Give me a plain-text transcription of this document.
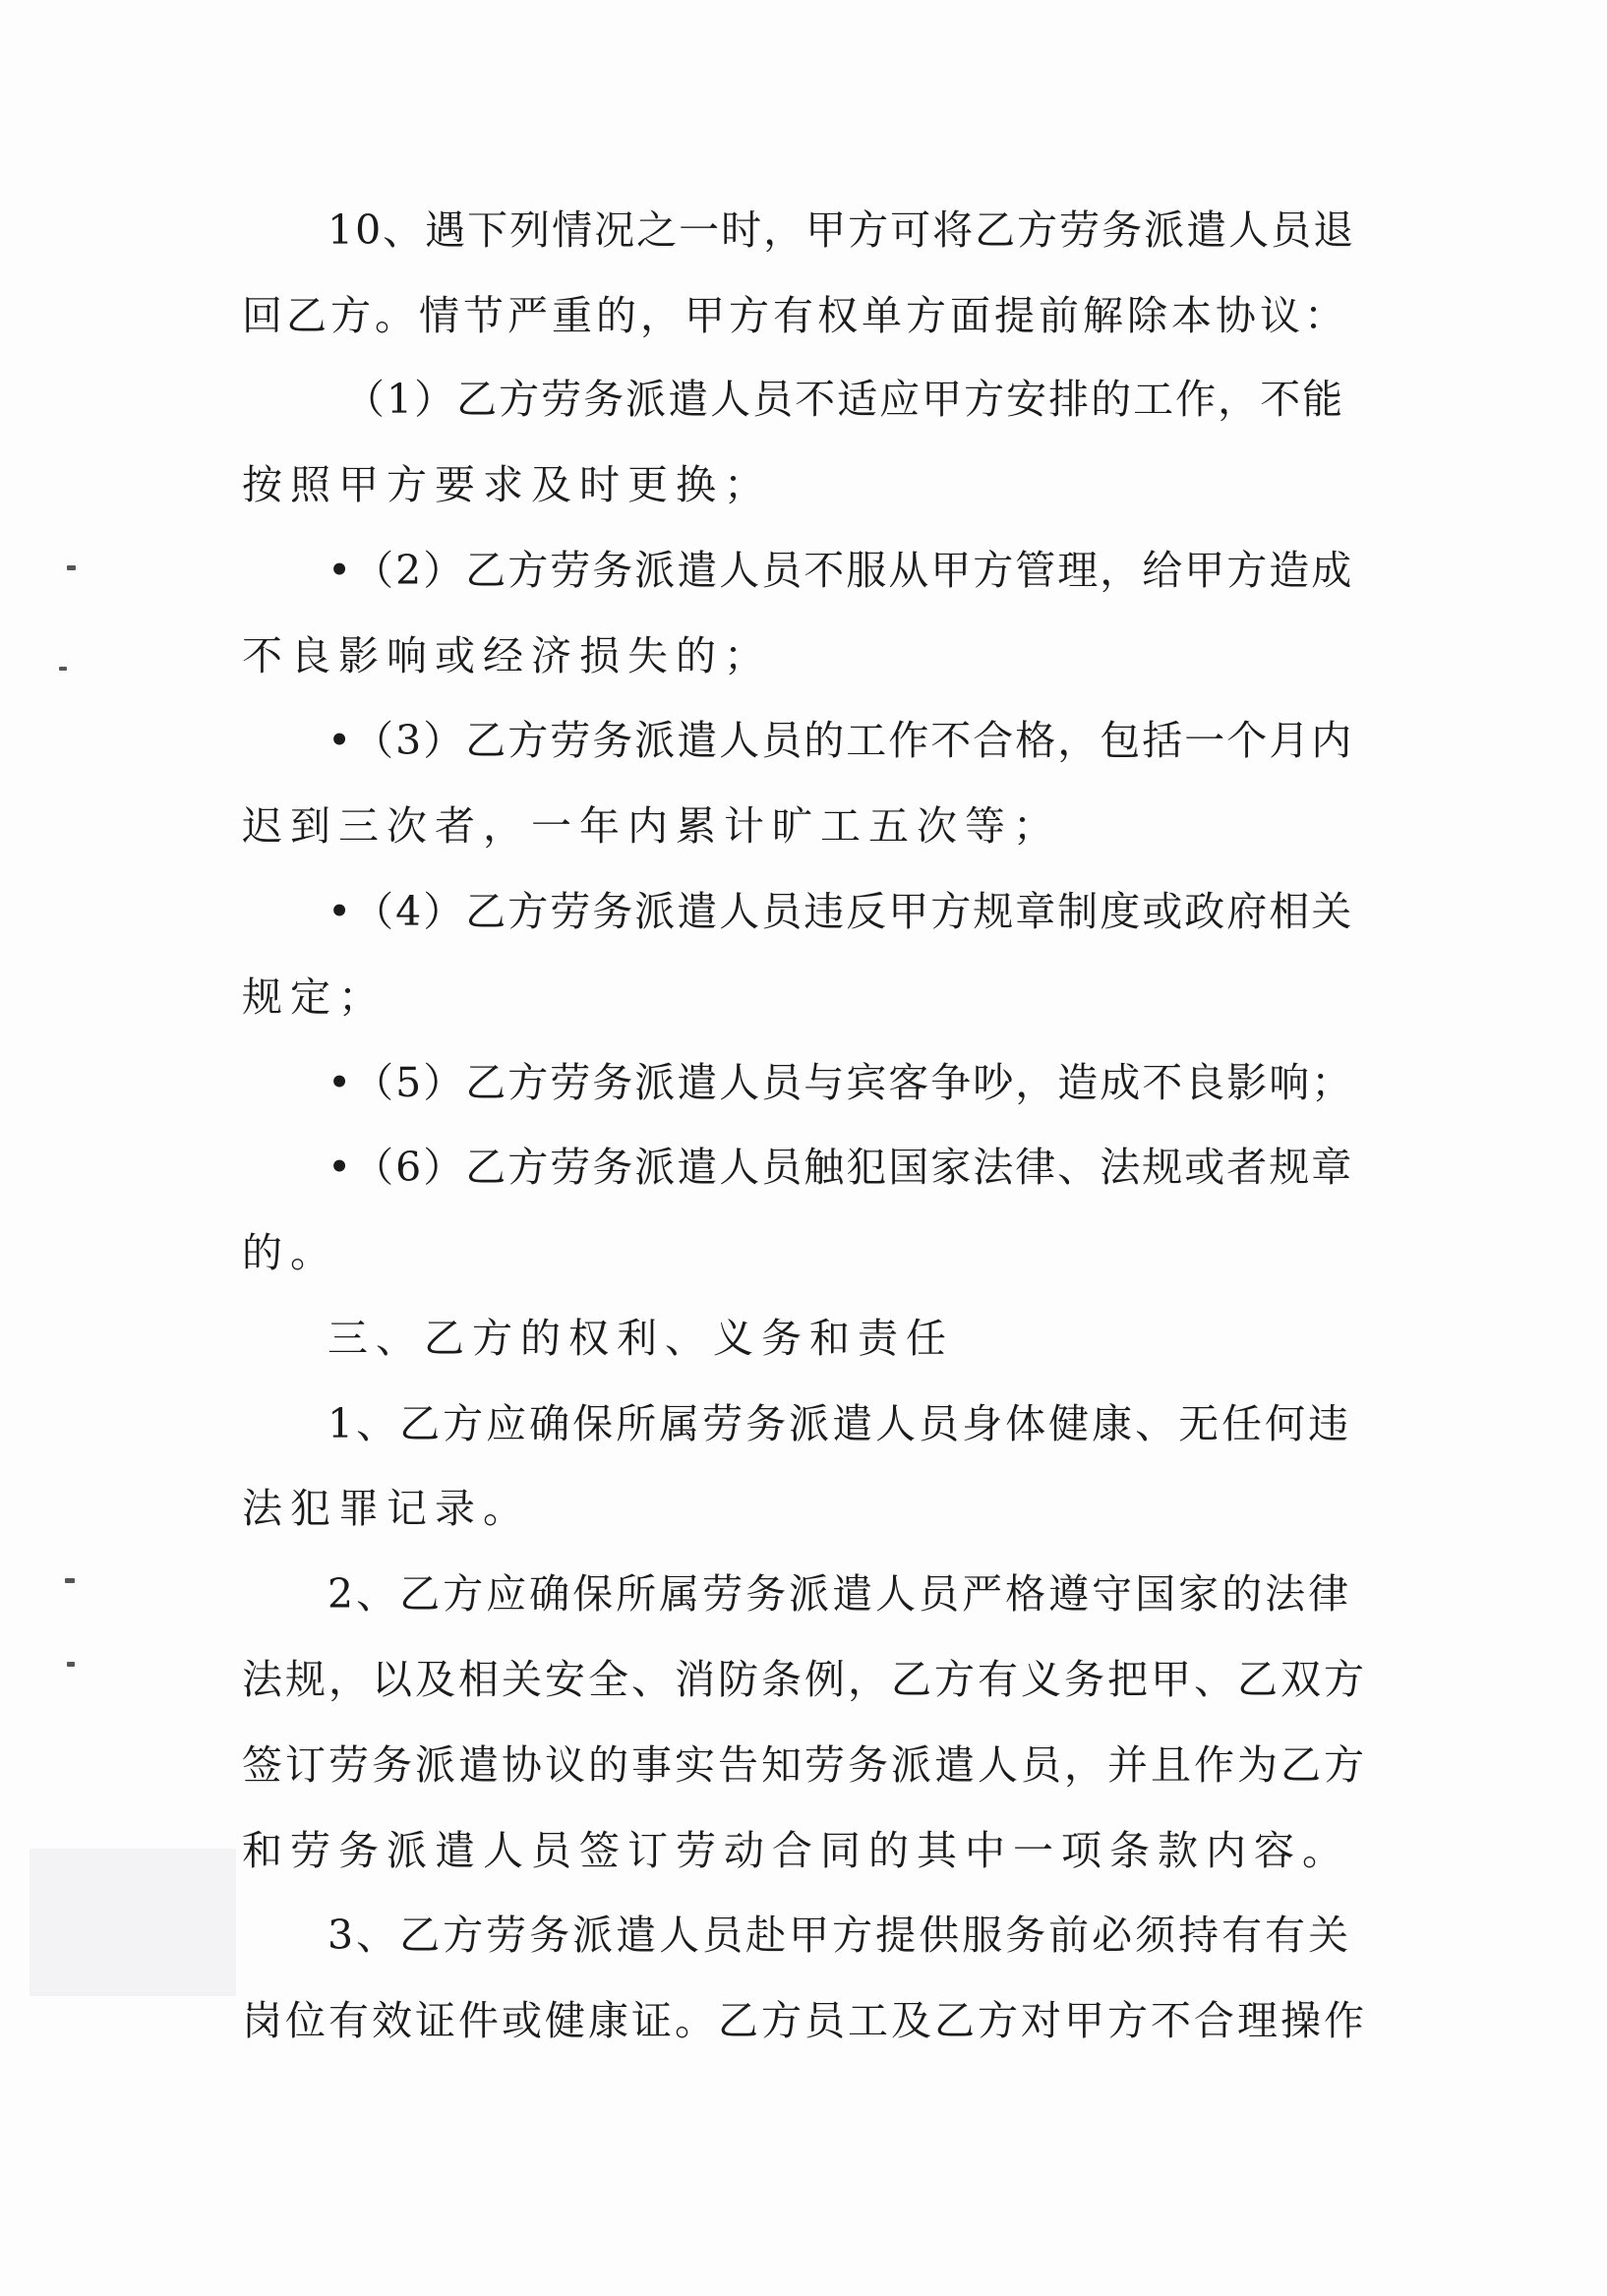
10、遇下列情况之一时，甲方可将乙方劳务派遣人员退
回乙方。情节严重的，甲方有权单方面提前解除本协议：
（1）乙方劳务派遣人员不适应甲方安排的工作，不能
按照甲方要求及时更换；
•（2）乙方劳务派遣人员不服从甲方管理，给甲方造成
不良影响或经济损失的；
•（3）乙方劳务派遣人员的工作不合格，包括一个月内
迟到三次者，一年内累计旷工五次等；
•（4）乙方劳务派遣人员违反甲方规章制度或政府相关
规定；
•（5）乙方劳务派遣人员与宾客争吵，造成不良影响；
•（6）乙方劳务派遣人员触犯国家法律、法规或者规章
的。
三、乙方的权利、义务和责任
1、乙方应确保所属劳务派遣人员身体健康、无任何违
法犯罪记录。
2、乙方应确保所属劳务派遣人员严格遵守国家的法律
法规，以及相关安全、消防条例，乙方有义务把甲、乙双方
签订劳务派遣协议的事实告知劳务派遣人员，并且作为乙方
和劳务派遣人员签订劳动合同的其中一项条款内容。
3、乙方劳务派遣人员赴甲方提供服务前必须持有有关
岗位有效证件或健康证。乙方员工及乙方对甲方不合理操作
